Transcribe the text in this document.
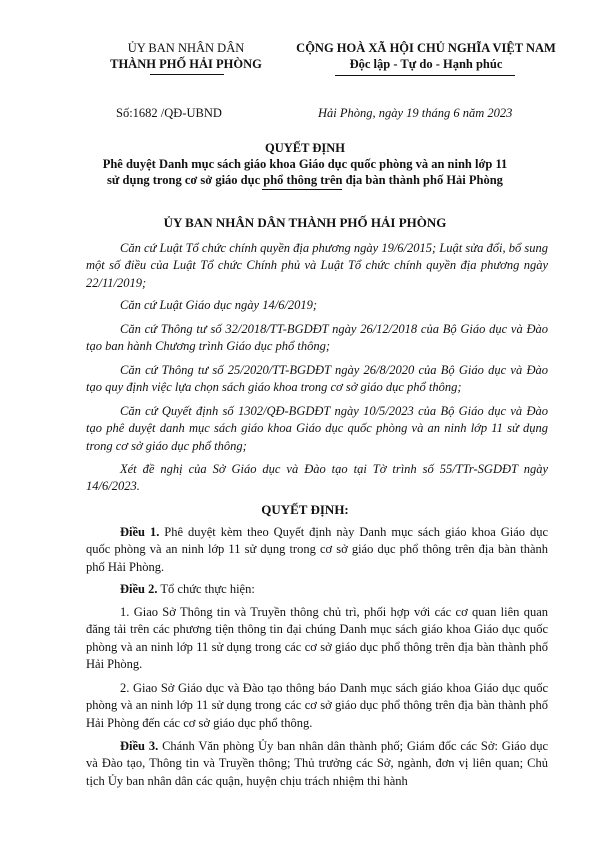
ỦY BAN NHÂN DÂN
THÀNH PHỐ HẢI PHÒNG
CỘNG HOÀ XÃ HỘI CHỦ NGHĨA VIỆT NAM
Độc lập - Tự do - Hạnh phúc
Số:1682 /QĐ-UBND	Hải Phòng, ngày 19 tháng 6 năm 2023
QUYẾT ĐỊNH
Phê duyệt Danh mục sách giáo khoa Giáo dục quốc phòng và an ninh lớp 11
sử dụng trong cơ sở giáo dục phổ thông trên địa bàn thành phố Hải Phòng
ỦY BAN NHÂN DÂN THÀNH PHỐ HẢI PHÒNG
Căn cứ Luật Tổ chức chính quyền địa phương ngày 19/6/2015; Luật sửa đổi, bổ sung một số điều của Luật Tổ chức Chính phủ và Luật Tổ chức chính quyền địa phương ngày 22/11/2019;
Căn cứ Luật Giáo dục ngày 14/6/2019;
Căn cứ Thông tư số 32/2018/TT-BGDĐT ngày 26/12/2018 của Bộ Giáo dục và Đào tạo ban hành Chương trình Giáo dục phổ thông;
Căn cứ Thông tư số 25/2020/TT-BGDĐT ngày 26/8/2020 của Bộ Giáo dục và Đào tạo quy định việc lựa chọn sách giáo khoa trong cơ sở giáo dục phổ thông;
Căn cứ Quyết định số 1302/QĐ-BGDĐT ngày 10/5/2023 của Bộ Giáo dục và Đào tạo phê duyệt danh mục sách giáo khoa Giáo dục quốc phòng và an ninh lớp 11 sử dụng trong cơ sở giáo dục phổ thông;
Xét đề nghị của Sở Giáo dục và Đào tạo tại Tờ trình số 55/TTr-SGDĐT ngày 14/6/2023.
QUYẾT ĐỊNH:
Điều 1. Phê duyệt kèm theo Quyết định này Danh mục sách giáo khoa Giáo dục quốc phòng và an ninh lớp 11 sử dụng trong cơ sở giáo dục phổ thông trên địa bàn thành phố Hải Phòng.
Điều 2. Tổ chức thực hiện:
1. Giao Sở Thông tin và Truyền thông chủ trì, phối hợp với các cơ quan liên quan đăng tải trên các phương tiện thông tin đại chúng Danh mục sách giáo khoa Giáo dục quốc phòng và an ninh lớp 11 sử dụng trong các cơ sở giáo dục phổ thông trên địa bàn thành phố Hải Phòng.
2. Giao Sở Giáo dục và Đào tạo thông báo Danh mục sách giáo khoa Giáo dục quốc phòng và an ninh lớp 11 sử dụng trong các cơ sở giáo dục phổ thông trên địa bàn thành phố Hải Phòng đến các cơ sở giáo dục phổ thông.
Điều 3. Chánh Văn phòng Ủy ban nhân dân thành phố; Giám đốc các Sở: Giáo dục và Đào tạo, Thông tin và Truyền thông; Thủ trưởng các Sở, ngành, đơn vị liên quan; Chủ tịch Ủy ban nhân dân các quận, huyện chịu trách nhiệm thi hành
